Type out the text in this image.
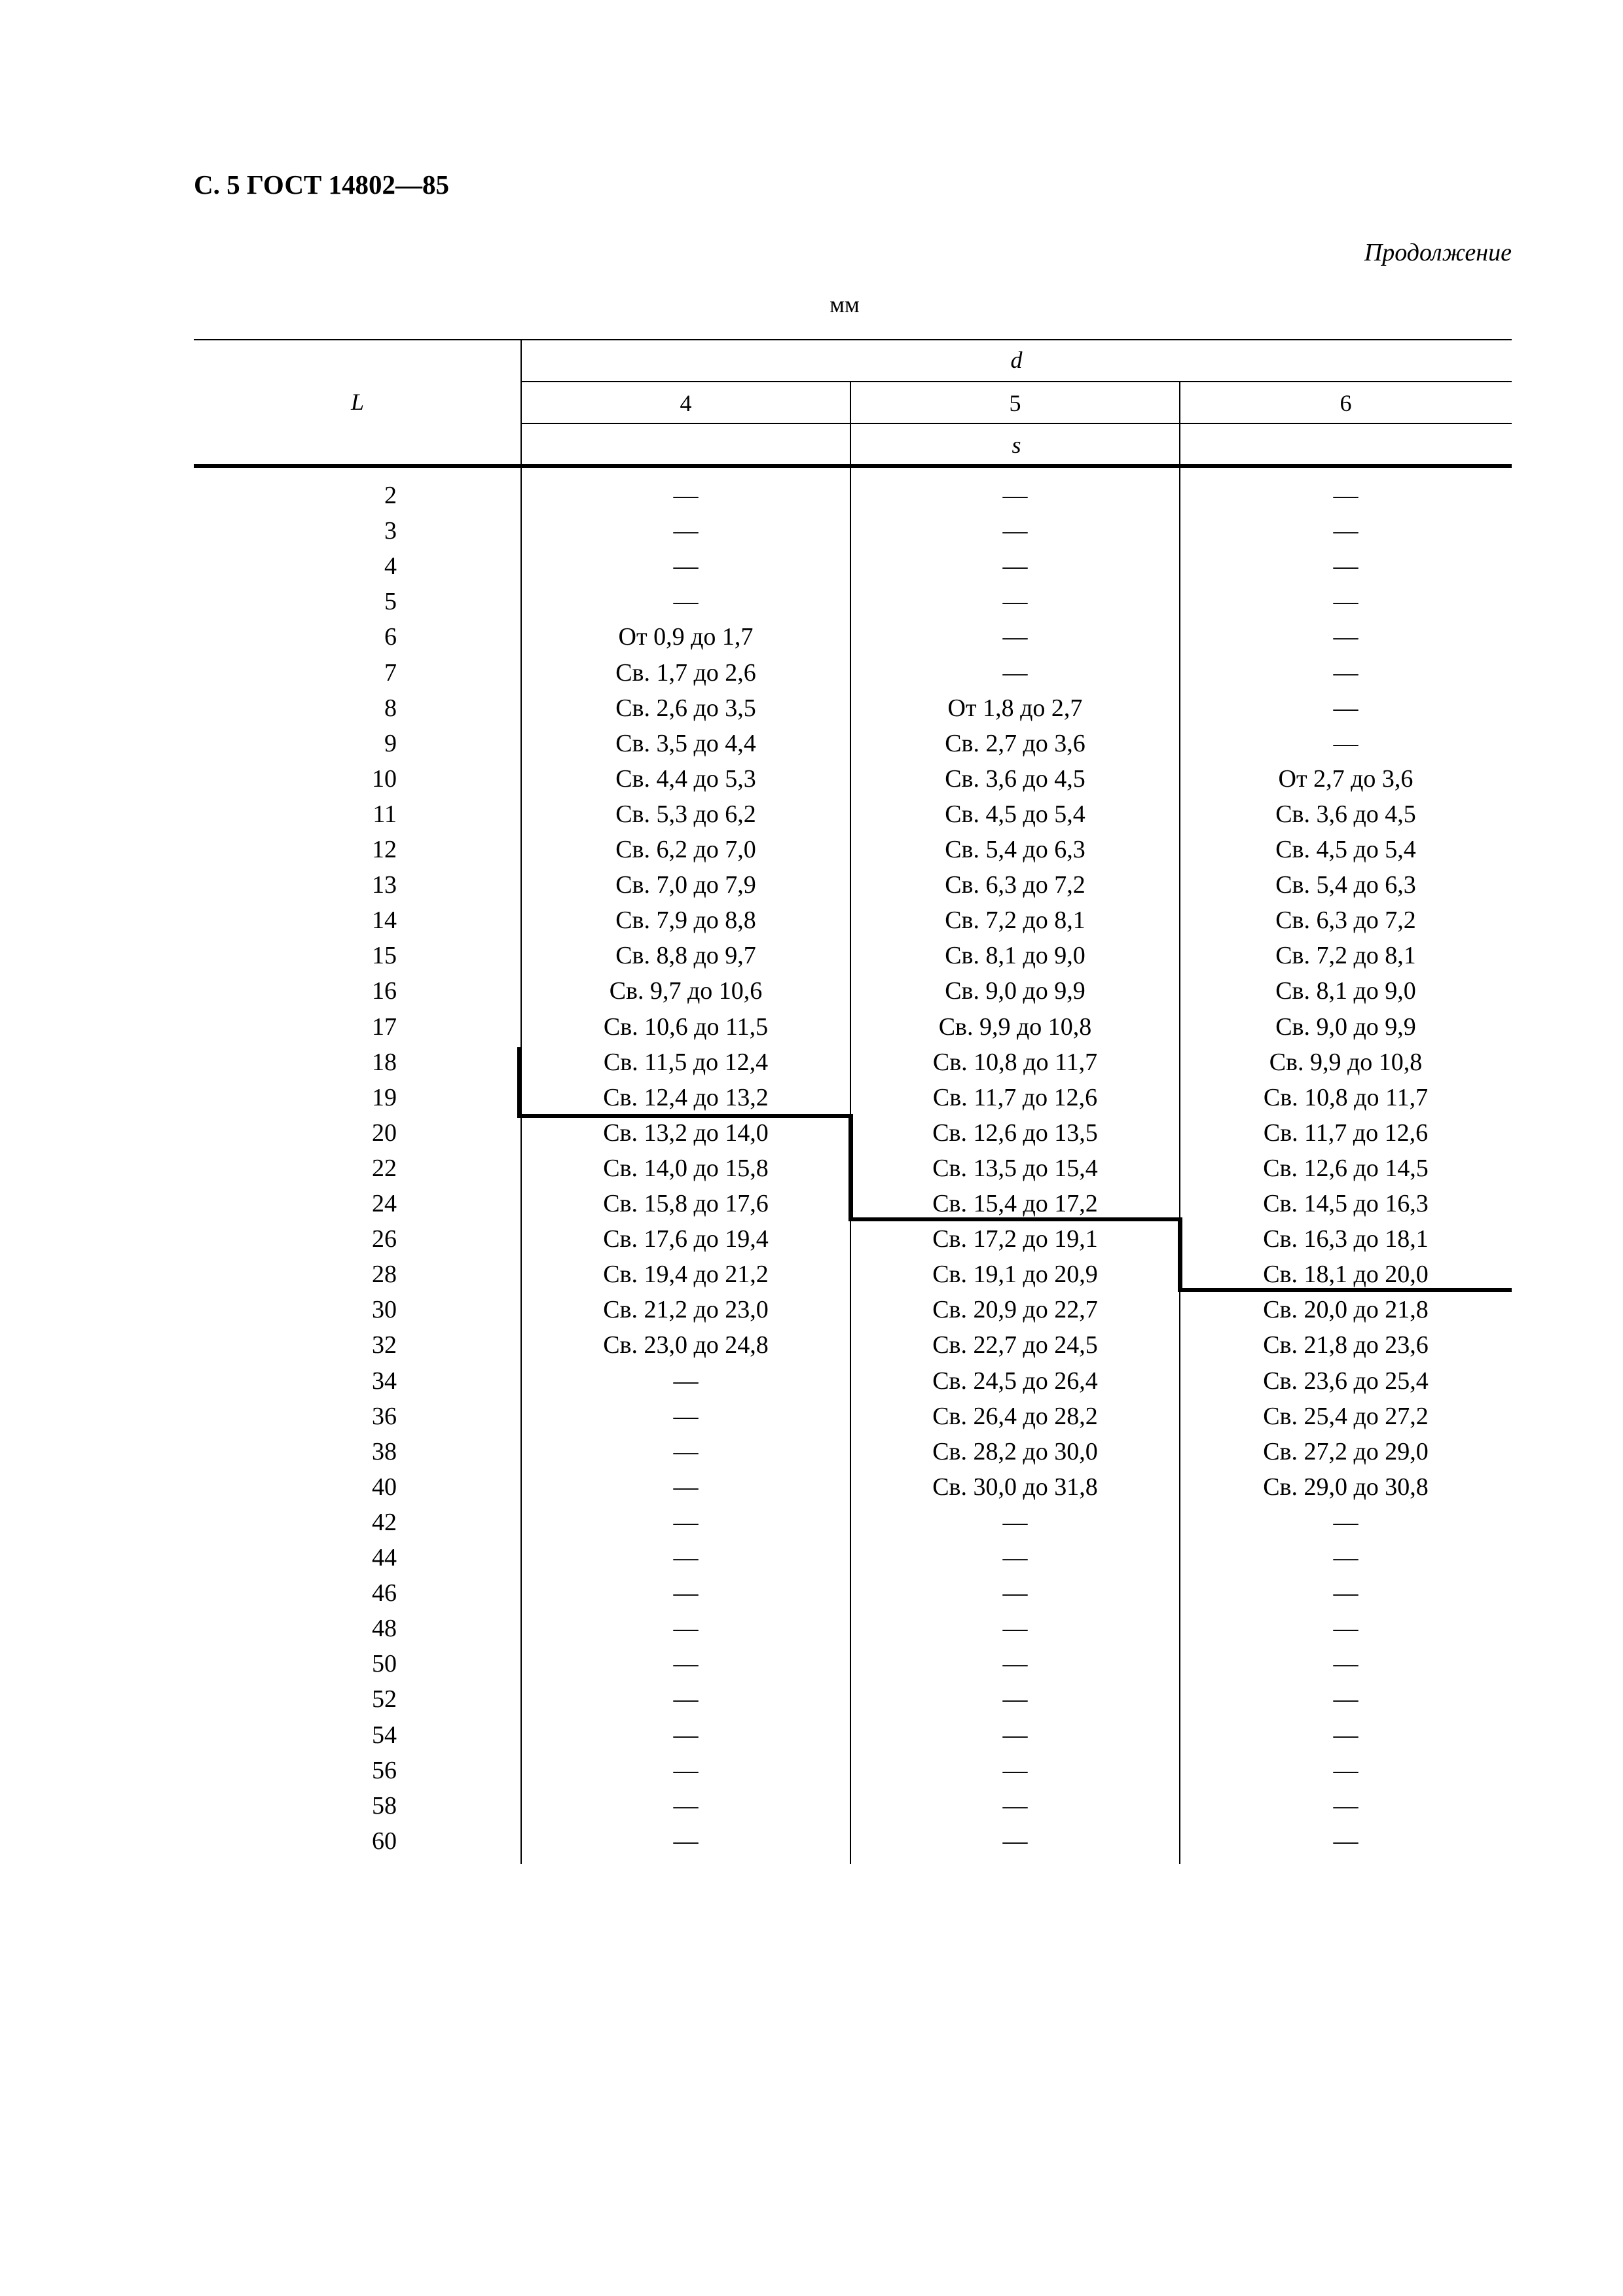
С. 5 ГОСТ 14802—85
Продолжение
мм
L
d
4	5	6
s
2	—	—	—
3	—	—	—
4	—	—	—
5	—	—	—
6	От 0,9 до 1,7	—	—
7	Св. 1,7 до 2,6	—	—
8	Св. 2,6 до 3,5	От 1,8 до 2,7	—
9	Св. 3,5 до 4,4	Св. 2,7 до 3,6	—
10	Св. 4,4 до 5,3	Св. 3,6 до 4,5	От 2,7 до 3,6
11	Св. 5,3 до 6,2	Св. 4,5 до 5,4	Св. 3,6 до 4,5
12	Св. 6,2 до 7,0	Св. 5,4 до 6,3	Св. 4,5 до 5,4
13	Св. 7,0 до 7,9	Св. 6,3 до 7,2	Св. 5,4 до 6,3
14	Св. 7,9 до 8,8	Св. 7,2 до 8,1	Св. 6,3 до 7,2
15	Св. 8,8 до 9,7	Св. 8,1 до 9,0	Св. 7,2 до 8,1
16	Св. 9,7 до 10,6	Св. 9,0 до 9,9	Св. 8,1 до 9,0
17	Св. 10,6 до 11,5	Св. 9,9 до 10,8	Св. 9,0 до 9,9
18	Св. 11,5 до 12,4	Св. 10,8 до 11,7	Св. 9,9 до 10,8
19	Св. 12,4 до 13,2	Св. 11,7 до 12,6	Св. 10,8 до 11,7
20	Св. 13,2 до 14,0	Св. 12,6 до 13,5	Св. 11,7 до 12,6
22	Св. 14,0 до 15,8	Св. 13,5 до 15,4	Св. 12,6 до 14,5
24	Св. 15,8 до 17,6	Св. 15,4 до 17,2	Св. 14,5 до 16,3
26	Св. 17,6 до 19,4	Св. 17,2 до 19,1	Св. 16,3 до 18,1
28	Св. 19,4 до 21,2	Св. 19,1 до 20,9	Св. 18,1 до 20,0
30	Св. 21,2 до 23,0	Св. 20,9 до 22,7	Св. 20,0 до 21,8
32	Св. 23,0 до 24,8	Св. 22,7 до 24,5	Св. 21,8 до 23,6
34	—	Св. 24,5 до 26,4	Св. 23,6 до 25,4
36	—	Св. 26,4 до 28,2	Св. 25,4 до 27,2
38	—	Св. 28,2 до 30,0	Св. 27,2 до 29,0
40	—	Св. 30,0 до 31,8	Св. 29,0 до 30,8
42	—	—	—
44	—	—	—
46	—	—	—
48	—	—	—
50	—	—	—
52	—	—	—
54	—	—	—
56	—	—	—
58	—	—	—
60	—	—	—
